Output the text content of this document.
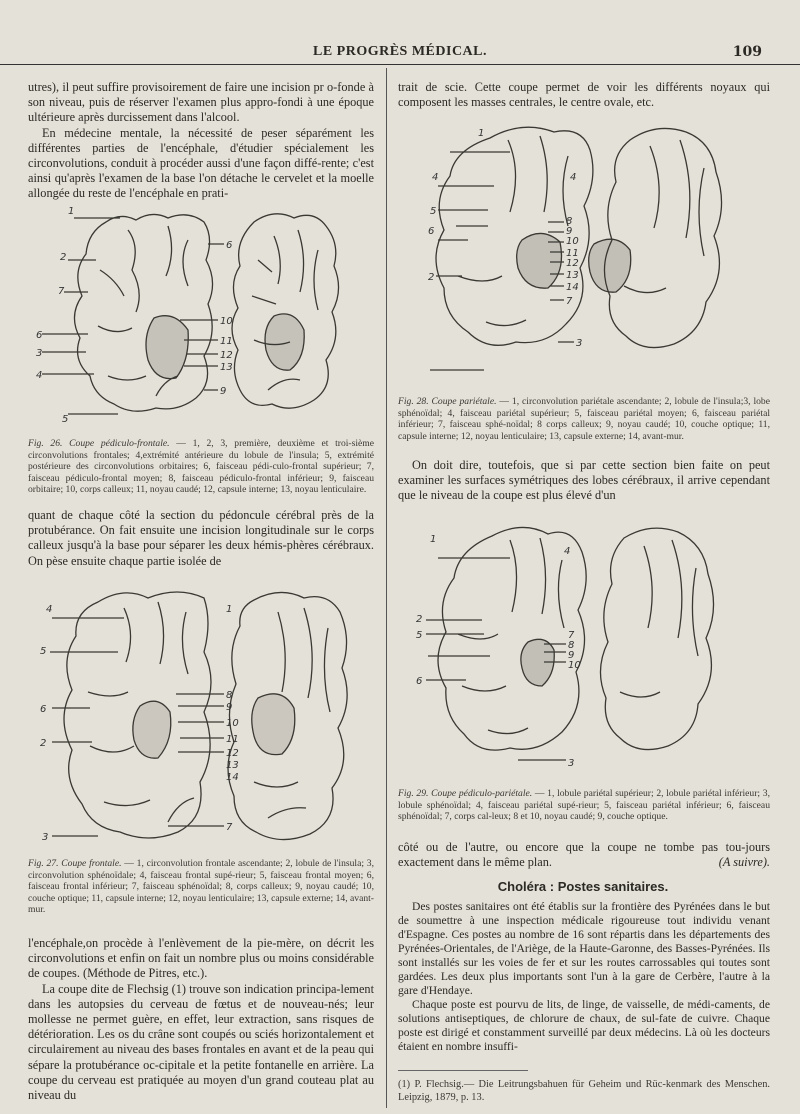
LE PROGRÈS MÉDICAL.	109

utres), il peut suffire provisoirement de faire une incision pr o-fonde à son niveau, puis de réserver l'examen plus appro-fondi à une époque ultérieure après durcissement dans l'alcool.

En médecine mentale, la nécessité de peser séparément les différentes parties de l'encéphale, d'étudier spécialement les circonvolutions, conduit à procéder aussi d'une façon diffé-rente; c'est ainsi qu'après l'examen de la base l'on détache le cervelet et la moelle allongée du reste de l'encéphale en prati-

1
2
7
6
3
4
5
6
10
11
12
13
9
Fig. 26. Coupe pédiculo-frontale. — 1, 2, 3, première, deuxième et troi-sième circonvolutions frontales; 4,extrémité antérieure du lobule de l'insula; 5, extrémité postérieure des circonvolutions orbitaires; 6, faisceau pédi-culo-frontal supérieur; 7, faisceau pédiculo-frontal moyen; 8, faisceau pédiculo-frontal inférieur; 9, faisceau orbitaire; 10, corps calleux; 11, noyau caudé; 12, capsule interne; 13, noyau lenticulaire.

quant de chaque côté la section du pédoncule cérébral près de la protubérance. On fait ensuite une incision longitudinale sur le corps calleux jusqu'à la base pour séparer les deux hémis-phères cérébraux. On pèse ensuite chaque partie isolée de

4
5
6
2
3
8
9
10
11
12
13
14
1
7
Fig. 27. Coupe frontale. — 1, circonvolution frontale ascendante; 2, lobule de l'insula; 3, circonvolution sphénoïdale; 4, faisceau frontal supé-rieur; 5, faisceau frontal moyen; 6, faisceau frontal inférieur; 7, faisceau sphénoïdal; 8, corps calleux; 9, noyau caudé; 10, couche optique; 11, capsule interne; 12, noyau lenticulaire; 13, capsule externe; 14, avant-mur.

l'encéphale,on procède à l'enlèvement de la pie-mère, on décrit les circonvolutions et enfin on fait un nombre plus ou moins considérable de coupes. (Méthode de Pitres, etc.).

La coupe dite de Flechsig (1) trouve son indication principa-lement dans les autopsies du cerveau de fœtus et de nouveau-nés; leur mollesse ne permet guère, en effet, leur extraction, sans risques de détérioration. Les os du crâne sont coupés ou sciés horizontalement et circulairement au niveau des bases frontales en avant et de la peau qui sépare la protubérance oc-cipitale et la petite fontanelle en arrière. La coupe du cerveau est pratiquée au moyen d'un grand couteau plat au niveau du

trait de scie. Cette coupe permet de voir les différents noyaux qui composent les masses centrales, le centre ovale, etc.

1
4	4
5
6
2
8
9
10
11
12
13
14
7
3
Fig. 28. Coupe pariétale. — 1, circonvolution pariétale ascendante; 2, lobule de l'insula;3, lobe sphénoïdal; 4, faisceau pariétal supérieur; 5, faisceau pariétal moyen; 6, faisceau pariétal inférieur; 7, faisceau sphé-noïdal; 8 corps calleux; 9, noyau caudé; 10, couche optique; 11, capsule interne; 12, noyau lenticulaire; 13, capsule externe; 14, avant-mur.

On doit dire, toutefois, que si par cette section bien faite on peut examiner les surfaces symétriques des lobes cérébraux, il arrive cependant que le niveau de la coupe est plus élevé d'un

1
4
2
5
6
7
8
9
10
3
Fig. 29. Coupe pédiculo-pariétale. — 1, lobule pariétal supérieur; 2, lobule pariétal inférieur; 3, lobule sphénoïdal; 4, faisceau pariétal supé-rieur; 5, faisceau pariétal inférieur; 6, faisceau sphénoïdal; 7, corps cal-leux; 8 et 10, noyau caudé; 9, couche optique.

côté ou de l'autre, ou encore que la coupe ne tombe pas tou-jours exactement dans le même plan.	(A suivre).

Choléra : Postes sanitaires.

Des postes sanitaires ont été établis sur la frontière des Pyrénées dans le but de soumettre à une inspection médicale rigoureuse tout individu venant d'Espagne. Ces postes au nombre de 16 sont répartis dans les départements des Pyrénées-Orientales, de l'Ariège, de la Haute-Garonne, des Basses-Pyrénées. Ils sont installés sur les voies de fer et sur les routes carrossables qui toutes sont gardées. Les deux plus importants sont l'un à la gare de Cerbère, l'autre à la gare d'Hendaye.

Chaque poste est pourvu de lits, de linge, de vaisselle, de médi-caments, de solutions antiseptiques, de chlorure de chaux, de sul-fate de cuivre. Chaque poste est dirigé et constamment surveillé par deux médecins. Là où les docteurs étaient en nombre insuffi-

(1) P. Flechsig.— Die Leitrungsbahuen für Geheim und Rüc-kenmark des Menschen. Leipzig, 1879, p. 13.
